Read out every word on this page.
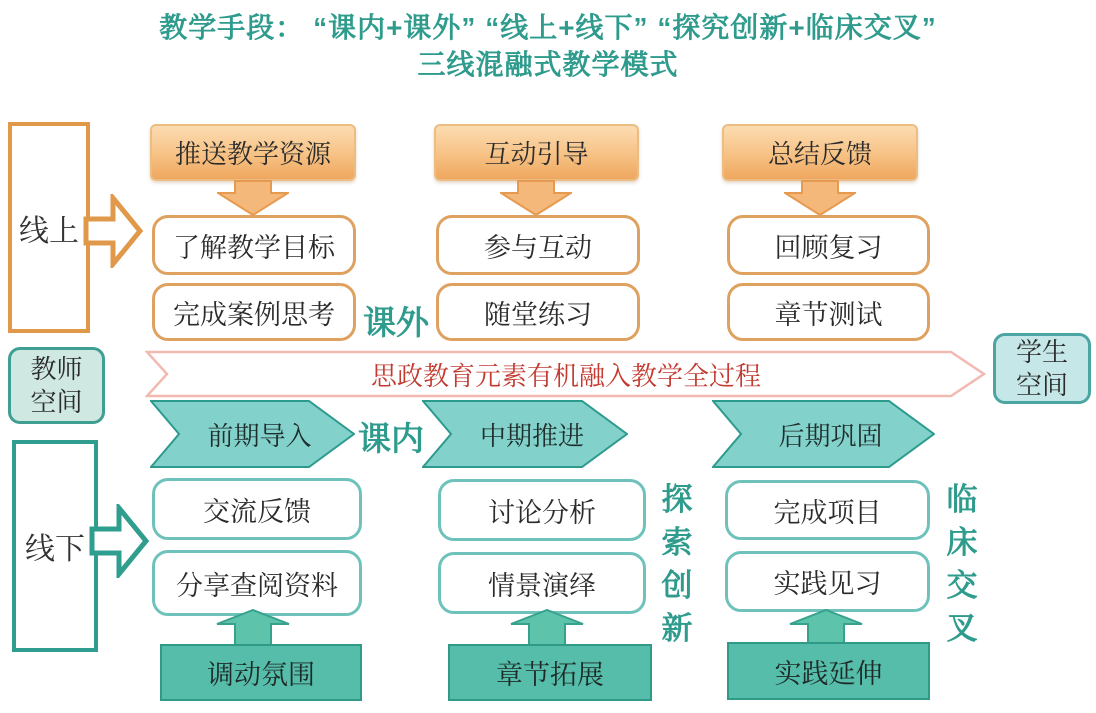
教学手段： “课内+课外” “线上+线下” “探究创新+临床交叉”
三线混融式教学模式
线上
教师空间
线下
学生空间
推送教学资源
了解教学目标
完成案例思考
互动引导
参与互动
随堂练习
总结反馈
回顾复习
章节测试
课外
思政教育元素有机融入教学全过程
前期导入	课内	中期推进	后期巩固
交流反馈
分享查阅资料
讨论分析
情景演绎
完成项目
实践见习
探索创新
临床交叉
调动氛围	章节拓展	实践延伸
